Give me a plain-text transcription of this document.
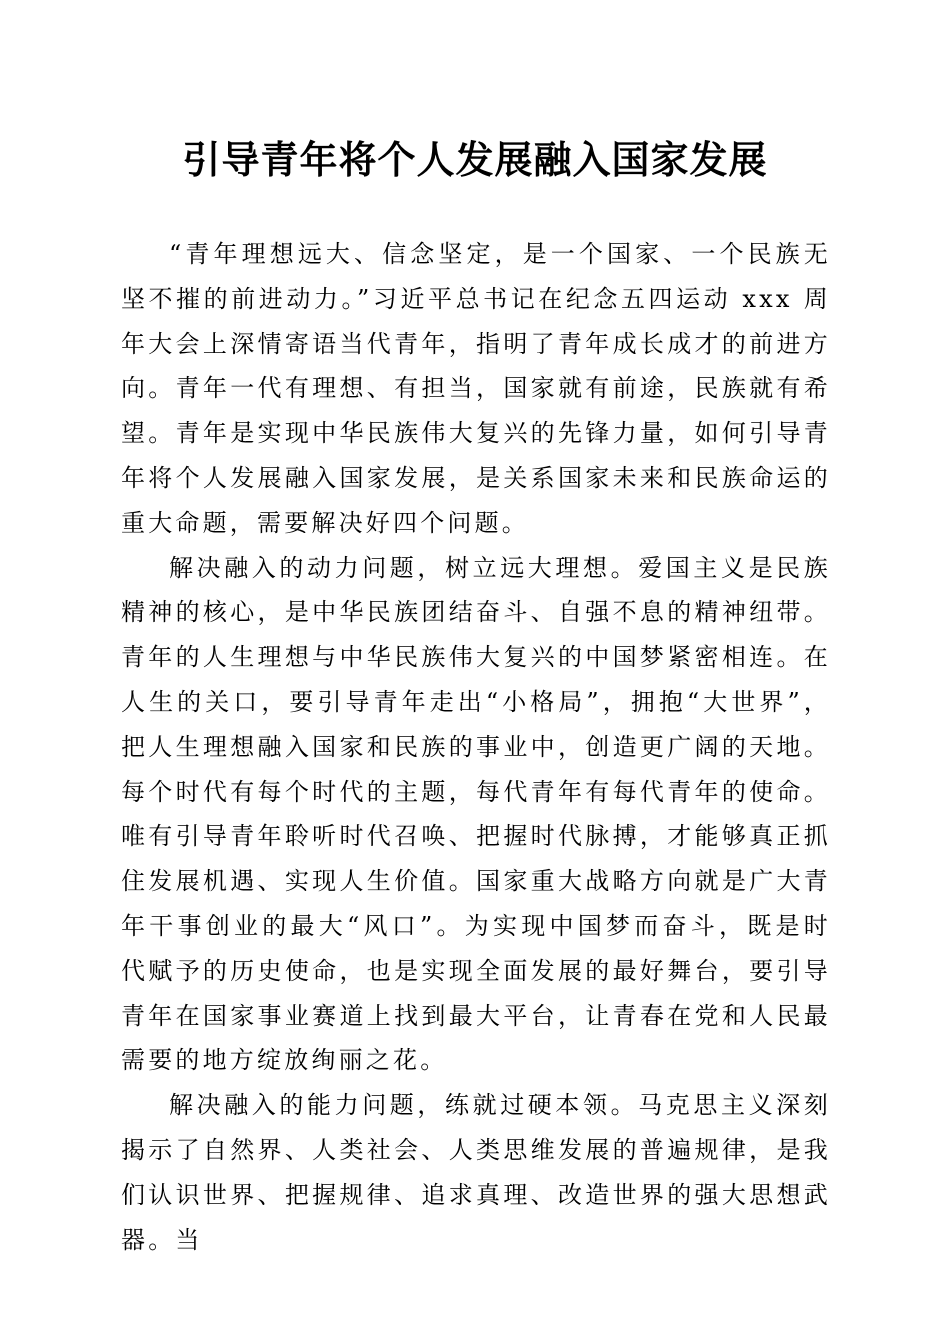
引导青年将个人发展融入国家发展

“青年理想远大、信念坚定，是一个国家、一个民族无坚不摧的前进动力。”习近平总书记在纪念五四运动 xxx 周年大会上深情寄语当代青年，指明了青年成长成才的前进方向。青年一代有理想、有担当，国家就有前途，民族就有希望。青年是实现中华民族伟大复兴的先锋力量，如何引导青年将个人发展融入国家发展，是关系国家未来和民族命运的重大命题，需要解决好四个问题。

解决融入的动力问题，树立远大理想。爱国主义是民族精神的核心，是中华民族团结奋斗、自强不息的精神纽带。青年的人生理想与中华民族伟大复兴的中国梦紧密相连。在人生的关口，要引导青年走出“小格局”，拥抱“大世界”，把人生理想融入国家和民族的事业中，创造更广阔的天地。每个时代有每个时代的主题，每代青年有每代青年的使命。唯有引导青年聆听时代召唤、把握时代脉搏，才能够真正抓住发展机遇、实现人生价值。国家重大战略方向就是广大青年干事创业的最大“风口”。为实现中国梦而奋斗，既是时代赋予的历史使命，也是实现全面发展的最好舞台，要引导青年在国家事业赛道上找到最大平台，让青春在党和人民最需要的地方绽放绚丽之花。

解决融入的能力问题，练就过硬本领。马克思主义深刻揭示了自然界、人类社会、人类思维发展的普遍规律，是我们认识世界、把握规律、追求真理、改造世界的强大思想武器。当
